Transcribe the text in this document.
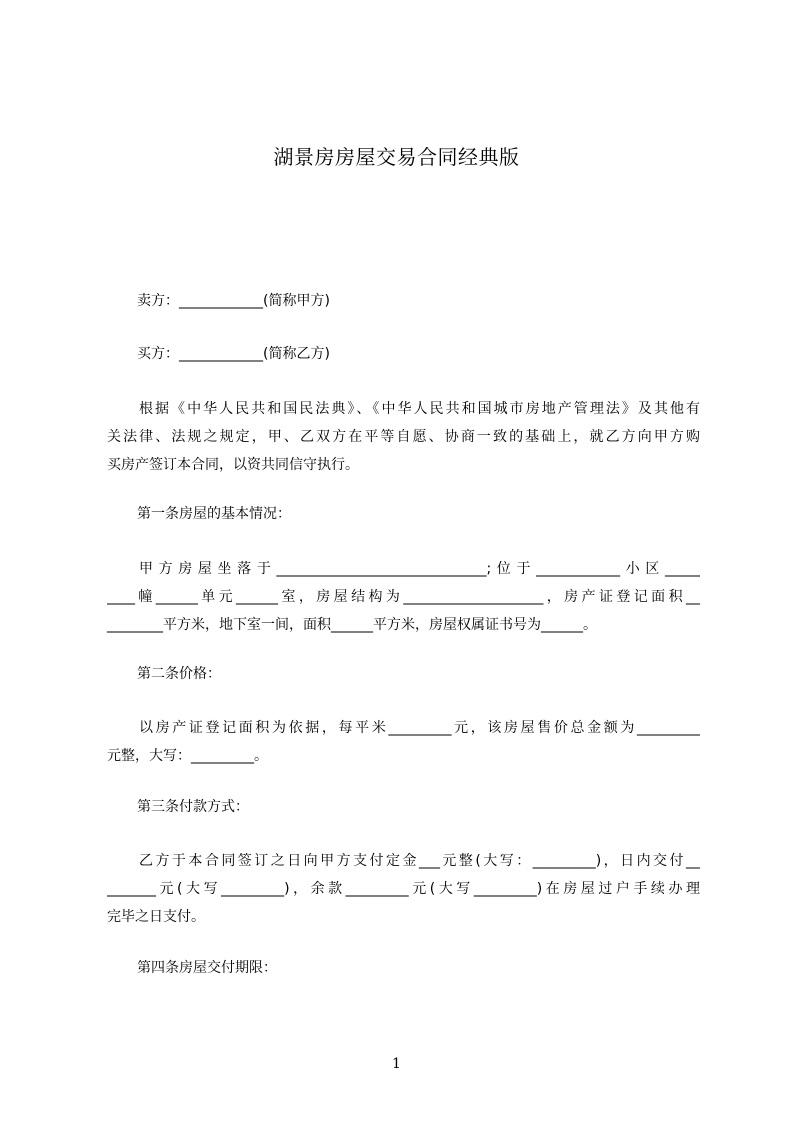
湖景房房屋交易合同经典版

卖方：____________(简称甲方)

买方：____________(简称乙方)

根据《中华人民共和国民法典》、《中华人民共和国城市房地产管理法》及其他有
关法律、法规之规定，甲、乙双方在平等自愿、协商一致的基础上，就乙方向甲方购
买房产签订本合同，以资共同信守执行。

第一条房屋的基本情况：

甲方房屋坐落于______________________________;位于____________小区_____
____幢______单元______室，房屋结构为____________________，房产证登记面积__
________平方米，地下室一间，面积______平方米，房屋权属证书号为______。

第二条价格：

以房产证登记面积为依据，每平米_________元，该房屋售价总金额为_________
元整，大写：_________。

第三条付款方式：

乙方于本合同签订之日向甲方支付定金___元整(大写：_________)，日内交付__
_______元(大写_________)，余款_________元(大写_________)在房屋过户手续办理
完毕之日支付。

第四条房屋交付期限：

1
